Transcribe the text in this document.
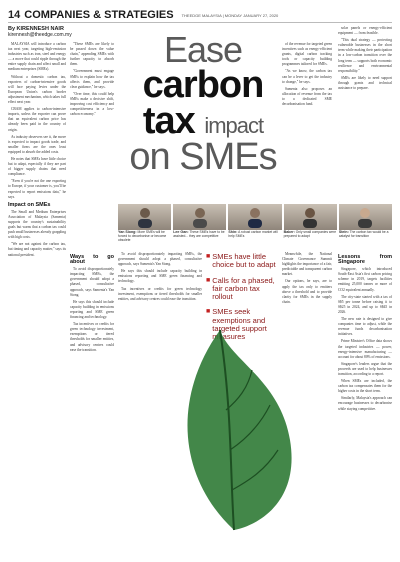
14 COMPANIES & STRATEGIES THEEDGE MALAYSIA | MONDAY JANUARY 27, 2020
By KIRENNESH NAIR
kirennesh@theedge.com.my

MALAYSIA will introduce a carbon tax next year, targeting high-emission industries such as iron, steel and energy — a move that could ripple through the entire supply chain and affect small and medium enterprises (SMEs).

Without a domestic carbon tax, exporters of carbon-intensive goods will face paying levies under the European Union's carbon border adjustment mechanism, which takes full effect next year.

CBAM applies to carbon-intensive imports, unless the exporter can prove that an equivalent carbon price has already been paid in the country of origin.

As industry observers see it, the move is expected to impact goods trade, and smaller firms are the ones least equipped to absorb the added costs.

He notes that SMEs have little choice but to adapt, especially if they are part of bigger supply chains that need compliance.

"Even if you're not the one exporting to Europe, if your customer is, you'll be expected to report emissions data," he says.

Impact on SMEs

The Small and Medium Enterprises Association of Malaysia (Samenta) supports the country's sustainability goals but warns that a carbon tax could push small businesses already grappling with high costs.

"We are not against the carbon tax, but timing and capacity matter," says its national president.

"These SMEs are likely to be passed down the value chain," appending SMEs with further capacity to absorb them.

"Government must engage SMEs to explain how the tax affects them, and provide clear guidance," he says.

"Over time, this could help SMEs make a decisive shift, improving cost efficiency and competitiveness in a low-carbon economy."

Ease
carbon
tax impact
on SMEs
Yan Siong: More SMEs will be forced to decarbonise or become obsolete
Lee Gan: These SMEs have to be assisted... they are competitive
Shin: A robust carbon market will help SMEs
Baker: Only small companies were prepared to adapt
Stein: The carbon tax would be a catalyst for transition
Ways to go about

To avoid disproportionately impacting SMEs, the government should adopt a phased, consultative approach, says Samenta's Yan Siong.

He says this should include capacity building in emissions reporting and SME green financing and technology.

Tax incentives or credits for green technology investment, exemptions or tiered thresholds for smaller entities, and advisory centres could ease the transition.

To avoid disproportionately impacting SMEs, the government should adopt a phased, consultative approach, says Samenta's Yan Siong.

He says this should include capacity building in emissions reporting and SME green financing and technology.

Tax incentives or credits for green technology investment, exemptions or tiered thresholds for smaller entities, and advisory centres could ease the transition.

■ SMEs have little choice but to adapt
■ Calls for a phased, fair carbon tax rollout
■ SMEs seek exemptions and targeted support measures

of the revenue for targeted green incentives such as energy-efficient grants, digital carbon tracking tools or capacity building programmes tailored for SMEs.

"As we know, the carbon tax can be a lever to get the industry to change," he says.

Samenta also proposes an allocation of revenue from the tax to a dedicated SME decarbonisation fund.

Meanwhile, the National Climate Governance Summit highlights the importance of a fair, predictable and transparent carbon market.

Our options, he says, are to apply the tax only to emitters above a threshold and to provide clarity for SMEs in the supply chain.

solar panels or energy-efficient equipment — from feasible.

"This dual strategy — protecting vulnerable businesses in the short term while making their participation in a low-carbon transition over the long term — supports both economic resilience and environmental responsibility."

SMEs are likely to need support through grants and technical assistance to prepare.

Lessons from Singapore

Singapore, which introduced South-East Asia's first carbon pricing scheme in 2019, targets facilities emitting 25,000 tonnes or more of CO2 equivalent annually.

The city-state started with a tax of S$5 per tonne before raising it to S$25 in 2024, and up to S$45 in 2026.

The new rate is designed to give companies time to adjust, while the revenue funds decarbonisation initiatives.

Prime Minister's Office data shows the targeted industries — power, energy-intensive manufacturing — account for about 80% of emissions.

Singapore's leaders argue that the proceeds are used to help businesses transition, according to a report.

When SMEs are included, the carbon tax compensates them for the higher costs in the short term.

Similarly, Malaysia's approach can encourage businesses to decarbonise while staying competitive.
